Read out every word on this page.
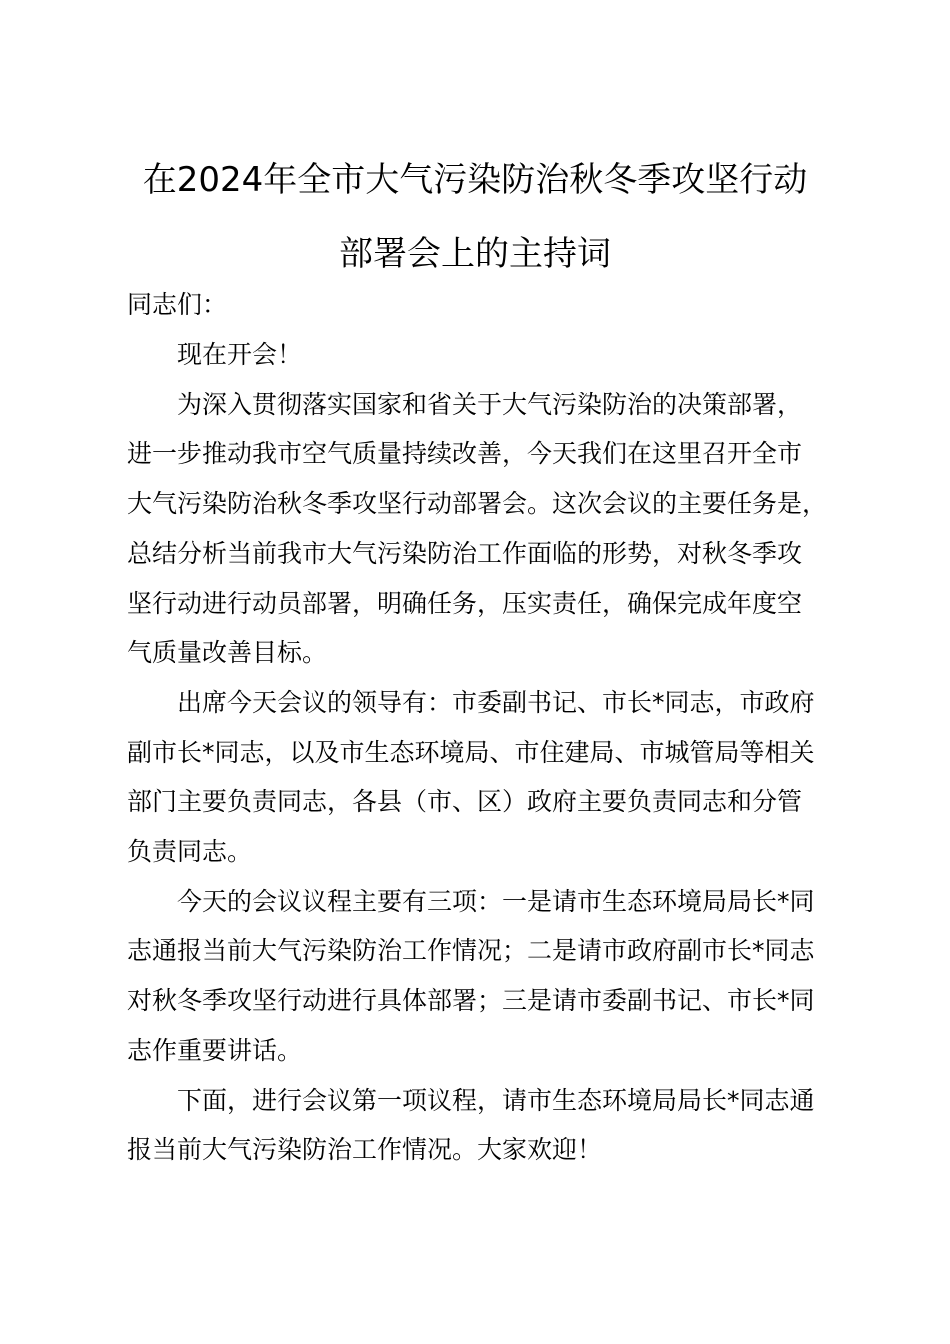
在2024年全市大气污染防治秋冬季攻坚行动
部署会上的主持词
同志们：
现在开会！
为深入贯彻落实国家和省关于大气污染防治的决策部署，
进一步推动我市空气质量持续改善，今天我们在这里召开全市
大气污染防治秋冬季攻坚行动部署会。这次会议的主要任务是，
总结分析当前我市大气污染防治工作面临的形势，对秋冬季攻
坚行动进行动员部署，明确任务，压实责任，确保完成年度空
气质量改善目标。
出席今天会议的领导有：市委副书记、市长*同志，市政府
副市长*同志，以及市生态环境局、市住建局、市城管局等相关
部门主要负责同志，各县（市、区）政府主要负责同志和分管
负责同志。
今天的会议议程主要有三项：一是请市生态环境局局长*同
志通报当前大气污染防治工作情况；二是请市政府副市长*同志
对秋冬季攻坚行动进行具体部署；三是请市委副书记、市长*同
志作重要讲话。
下面，进行会议第一项议程，请市生态环境局局长*同志通
报当前大气污染防治工作情况。大家欢迎！
